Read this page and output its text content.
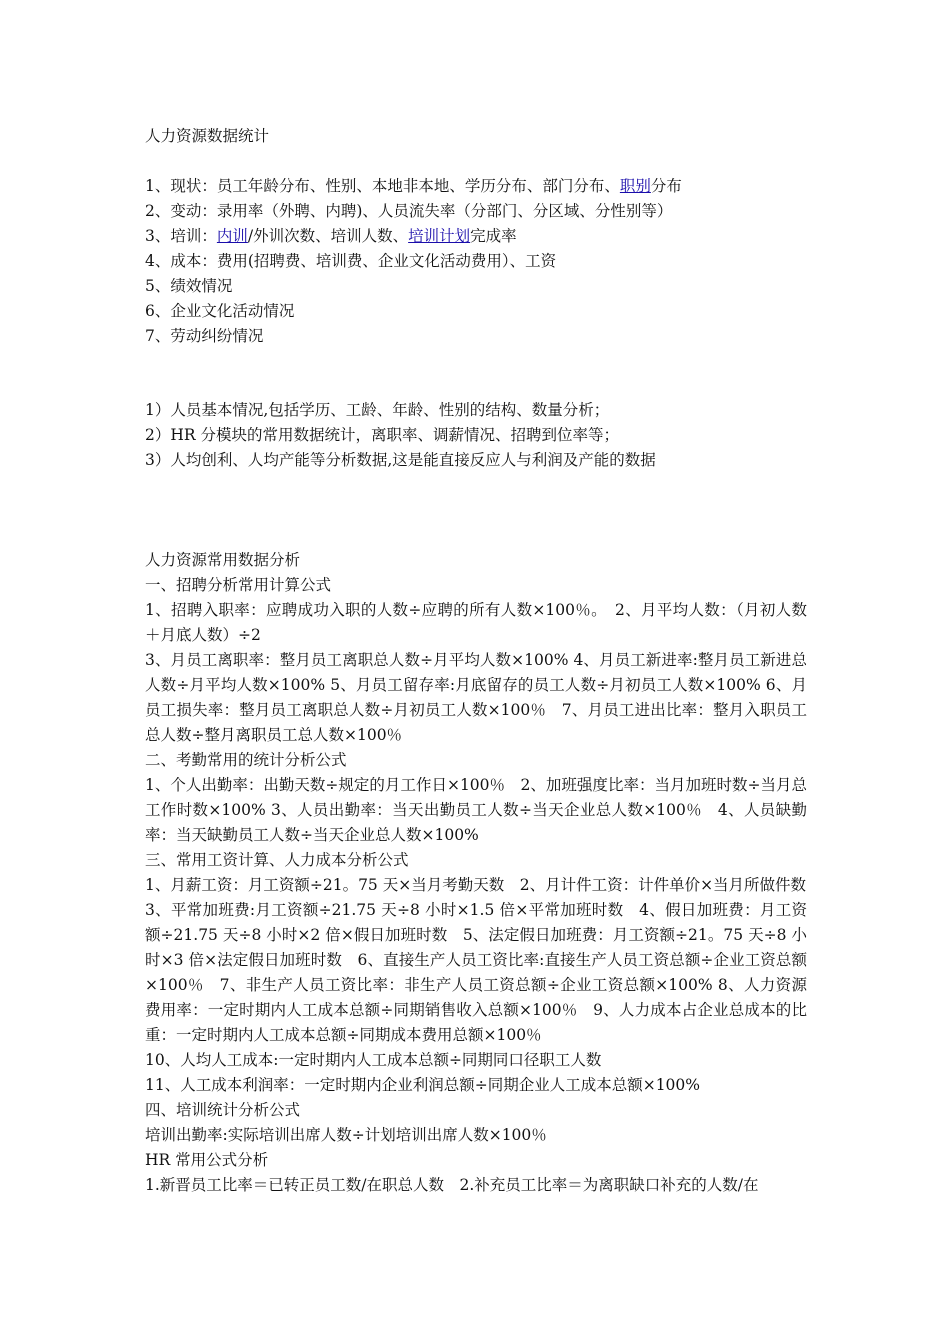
人力资源数据统计

1、现状：员工年龄分布、性别、本地非本地、学历分布、部门分布、职别分布

2、变动：录用率（外聘、内聘)、人员流失率（分部门、分区域、分性别等）

3、培训：内训/外训次数、培训人数、培训计划完成率

4、成本：费用(招聘费、培训费、企业文化活动费用）、工资

5、绩效情况

6、企业文化活动情况

7、劳动纠纷情况

1）人员基本情况,包括学历、工龄、年龄、性别的结构、数量分析；

2）HR 分模块的常用数据统计，离职率、调薪情况、招聘到位率等；

3）人均创利、人均产能等分析数据,这是能直接反应人与利润及产能的数据

人力资源常用数据分析

一、招聘分析常用计算公式

1、招聘入职率：应聘成功入职的人数÷应聘的所有人数×100％。　2、月平均人数：（月初人数＋月底人数）÷2

3、月员工离职率：整月员工离职总人数÷月平均人数×100% 4、月员工新进率:整月员工新进总人数÷月平均人数×100% 5、月员工留存率:月底留存的员工人数÷月初员工人数×100% 6、月员工损失率：整月员工离职总人数÷月初员工人数×100％　7、月员工进出比率：整月入职员工总人数÷整月离职员工总人数×100％

二、考勤常用的统计分析公式

1、个人出勤率：出勤天数÷规定的月工作日×100％　2、加班强度比率：当月加班时数÷当月总工作时数×100% 3、人员出勤率：当天出勤员工人数÷当天企业总人数×100％　4、人员缺勤率：当天缺勤员工人数÷当天企业总人数×100%

三、常用工资计算、人力成本分析公式

1、月薪工资：月工资额÷21。75 天×当月考勤天数　2、月计件工资：计件单价×当月所做件数

3、平常加班费:月工资额÷21.75 天÷8 小时×1.5 倍×平常加班时数　4、假日加班费：月工资额÷21.75 天÷8 小时×2 倍×假日加班时数　5、法定假日加班费：月工资额÷21。75 天÷8 小时×3 倍×法定假日加班时数　6、直接生产人员工资比率:直接生产人员工资总额÷企业工资总额×100％　7、非生产人员工资比率：非生产人员工资总额÷企业工资总额×100% 8、人力资源费用率：一定时期内人工成本总额÷同期销售收入总额×100％　9、人力成本占企业总成本的比重：一定时期内人工成本总额÷同期成本费用总额×100％

10、人均人工成本:一定时期内人工成本总额÷同期同口径职工人数

11、人工成本利润率：一定时期内企业利润总额÷同期企业人工成本总额×100%

四、培训统计分析公式

培训出勤率:实际培训出席人数÷计划培训出席人数×100％

HR 常用公式分析

1.新晋员工比率＝已转正员工数/在职总人数　2.补充员工比率＝为离职缺口补充的人数/在
